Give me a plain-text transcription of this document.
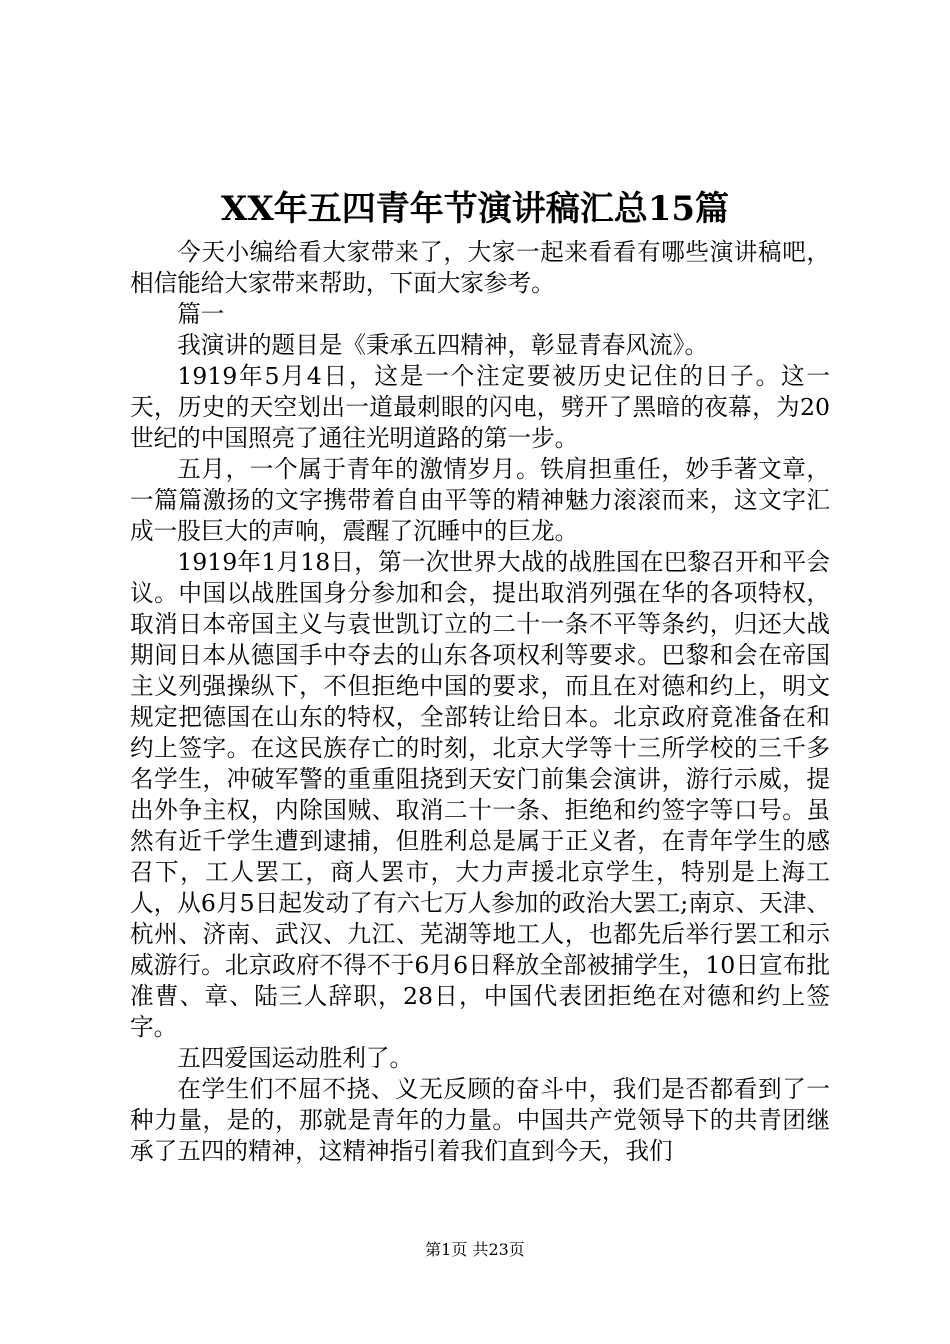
XX年五四青年节演讲稿汇总15篇

今天小编给看大家带来了，大家一起来看看有哪些演讲稿吧，相信能给大家带来帮助，下面大家参考。

篇一

我演讲的题目是《秉承五四精神，彰显青春风流》。

1919年5月4日，这是一个注定要被历史记住的日子。这一天，历史的天空划出一道最刺眼的闪电，劈开了黑暗的夜幕，为20世纪的中国照亮了通往光明道路的第一步。

五月，一个属于青年的激情岁月。铁肩担重任，妙手著文章，一篇篇激扬的文字携带着自由平等的精神魅力滚滚而来，这文字汇成一股巨大的声响，震醒了沉睡中的巨龙。

1919年1月18日，第一次世界大战的战胜国在巴黎召开和平会议。中国以战胜国身分参加和会，提出取消列强在华的各项特权，取消日本帝国主义与袁世凯订立的二十一条不平等条约，归还大战期间日本从德国手中夺去的山东各项权利等要求。巴黎和会在帝国主义列强操纵下，不但拒绝中国的要求，而且在对德和约上，明文规定把德国在山东的特权，全部转让给日本。北京政府竟准备在和约上签字。在这民族存亡的时刻，北京大学等十三所学校的三千多名学生，冲破军警的重重阻挠到天安门前集会演讲，游行示威，提出外争主权，内除国贼、取消二十一条、拒绝和约签字等口号。虽然有近千学生遭到逮捕，但胜利总是属于正义者，在青年学生的感召下，工人罢工，商人罢市，大力声援北京学生，特别是上海工人，从6月5日起发动了有六七万人参加的政治大罢工;南京、天津、杭州、济南、武汉、九江、芜湖等地工人，也都先后举行罢工和示威游行。北京政府不得不于6月6日释放全部被捕学生，10日宣布批准曹、章、陆三人辞职，28日，中国代表团拒绝在对德和约上签字。

五四爱国运动胜利了。

在学生们不屈不挠、义无反顾的奋斗中，我们是否都看到了一种力量，是的，那就是青年的力量。中国共产党领导下的共青团继承了五四的精神，这精神指引着我们直到今天，我们

第1页 共23页
